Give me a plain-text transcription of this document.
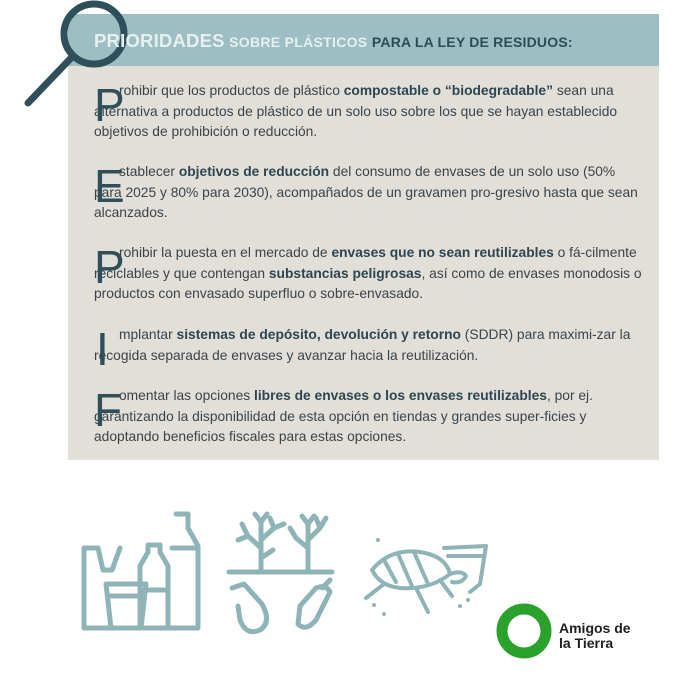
PRIORIDADES SOBRE PLÁSTICOS PARA LA LEY DE RESIDUOS:
P
rohibir que los productos de plástico compostable o “biodegradable” sean una alternativa a productos de plástico de un solo uso sobre los que se hayan establecido objetivos de prohibición o reducción.
E
stablecer objetivos de reducción del consumo de envases de un solo uso (50% para 2025 y 80% para 2030), acompañados de un gravamen pro-gresivo hasta que sean alcanzados.
P
rohibir la puesta en el mercado de envases que no sean reutilizables o fá-cilmente reciclables y que contengan substancias peligrosas, así como de envases monodosis o productos con envasado superfluo o sobre-envasado.
I mplantar sistemas de depósito, devolución y retorno (SDDR) para maximi-zar la recogida separada de envases y avanzar hacia la reutilización.
F
omentar las opciones libres de envases o los envases reutilizables, por ej. garantizando la disponibilidad de esta opción en tiendas y grandes super-ficies y adoptando beneficios fiscales para estas opciones.
Amigos de
la Tierra
